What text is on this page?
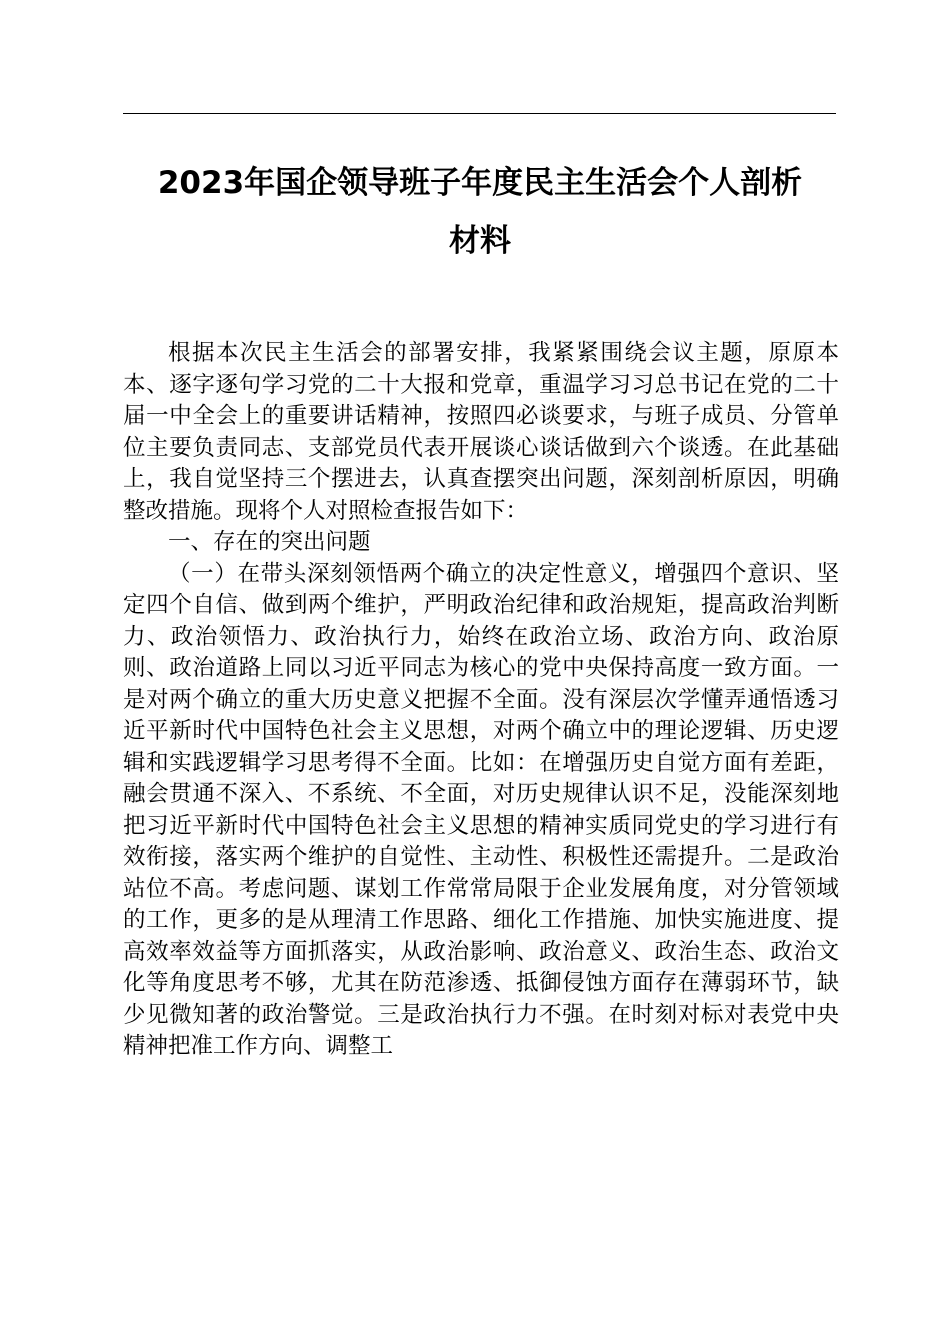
2023年国企领导班子年度民主生活会个人剖析
材料

根据本次民主生活会的部署安排，我紧紧围绕会议主题，原原本本、逐字逐句学习党的二十大报和党章，重温学习习总书记在党的二十届一中全会上的重要讲话精神，按照四必谈要求，与班子成员、分管单位主要负责同志、支部党员代表开展谈心谈话做到六个谈透。在此基础上，我自觉坚持三个摆进去，认真查摆突出问题，深刻剖析原因，明确整改措施。现将个人对照检查报告如下：

一、存在的突出问题

（一）在带头深刻领悟两个确立的决定性意义，增强四个意识、坚定四个自信、做到两个维护，严明政治纪律和政治规矩，提高政治判断力、政治领悟力、政治执行力，始终在政治立场、政治方向、政治原则、政治道路上同以习近平同志为核心的党中央保持高度一致方面。一是对两个确立的重大历史意义把握不全面。没有深层次学懂弄通悟透习近平新时代中国特色社会主义思想，对两个确立中的理论逻辑、历史逻辑和实践逻辑学习思考得不全面。比如：在增强历史自觉方面有差距，融会贯通不深入、不系统、不全面，对历史规律认识不足，没能深刻地把习近平新时代中国特色社会主义思想的精神实质同党史的学习进行有效衔接，落实两个维护的自觉性、主动性、积极性还需提升。二是政治站位不高。考虑问题、谋划工作常常局限于企业发展角度，对分管领域的工作，更多的是从理清工作思路、细化工作措施、加快实施进度、提高效率效益等方面抓落实，从政治影响、政治意义、政治生态、政治文化等角度思考不够，尤其在防范渗透、抵御侵蚀方面存在薄弱环节，缺少见微知著的政治警觉。三是政治执行力不强。在时刻对标对表党中央精神把准工作方向、调整工
